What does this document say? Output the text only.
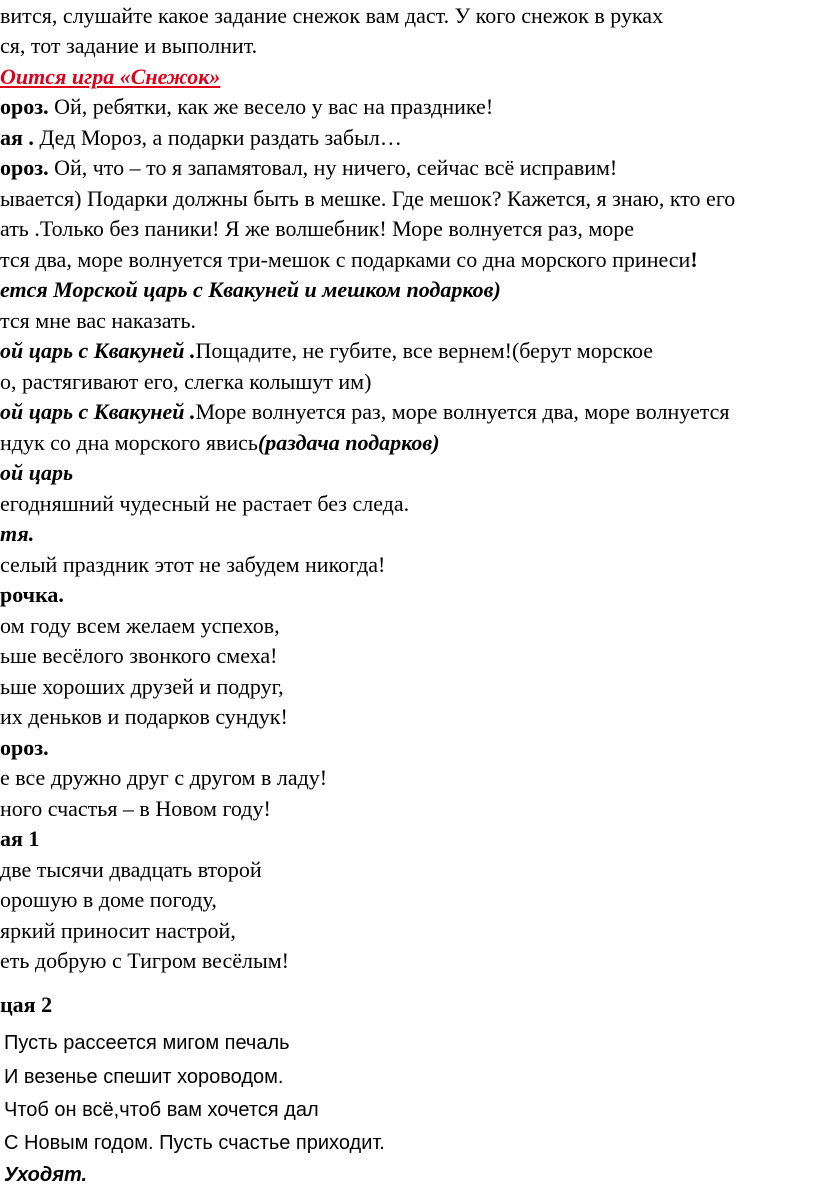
вится, слушайте какое задание снежок вам даст. У кого снежок в руках
ся, тот задание и выполнит.
Оится игра «Снежок»
ороз. Ой, ребятки, как же весело у вас на празднике!
ая . Дед Мороз, а подарки раздать забыл…
ороз. Ой, что – то я запамятовал, ну ничего, сейчас всё исправим!
ывается) Подарки должны быть в мешке. Где мешок? Кажется, я знаю, кто его
ать .Только без паники! Я же волшебник! Море волнуется раз, море
тся два, море волнуется три-мешок с подарками со дна морского принеси!
ется Морской царь с Квакуней и мешком подарков)
тся мне вас наказать.
ой царь с Квакуней .Пощадите, не губите, все вернем!(берут морское
о, растягивают его, слегка колышут им)
ой царь с Квакуней .Море волнуется раз, море волнуется два, море волнуется
ндук со дна морского явись(раздача подарков)
ой царь
егодняшний чудесный не растает без следа.
тя.
селый праздник этот не забудем никогда!
рочка.
ом году всем желаем успехов,
ьше весёлого звонкого смеха!
ьше хороших друзей и подруг,
их деньков и подарков сундук!
ороз.
е все дружно друг с другом в ладу!
ного счастья – в Новом году!
ая 1
две тысячи двадцать второй
орошую в доме погоду,
яркий приносит настрой,
еть добрую с Тигром весёлым!
цая 2
Пусть рассеется мигом печаль
И везенье спешит хороводом.
Чтоб он всё,чтоб вам хочется дал
С Новым годом. Пусть счастье приходит.
Уходят.
